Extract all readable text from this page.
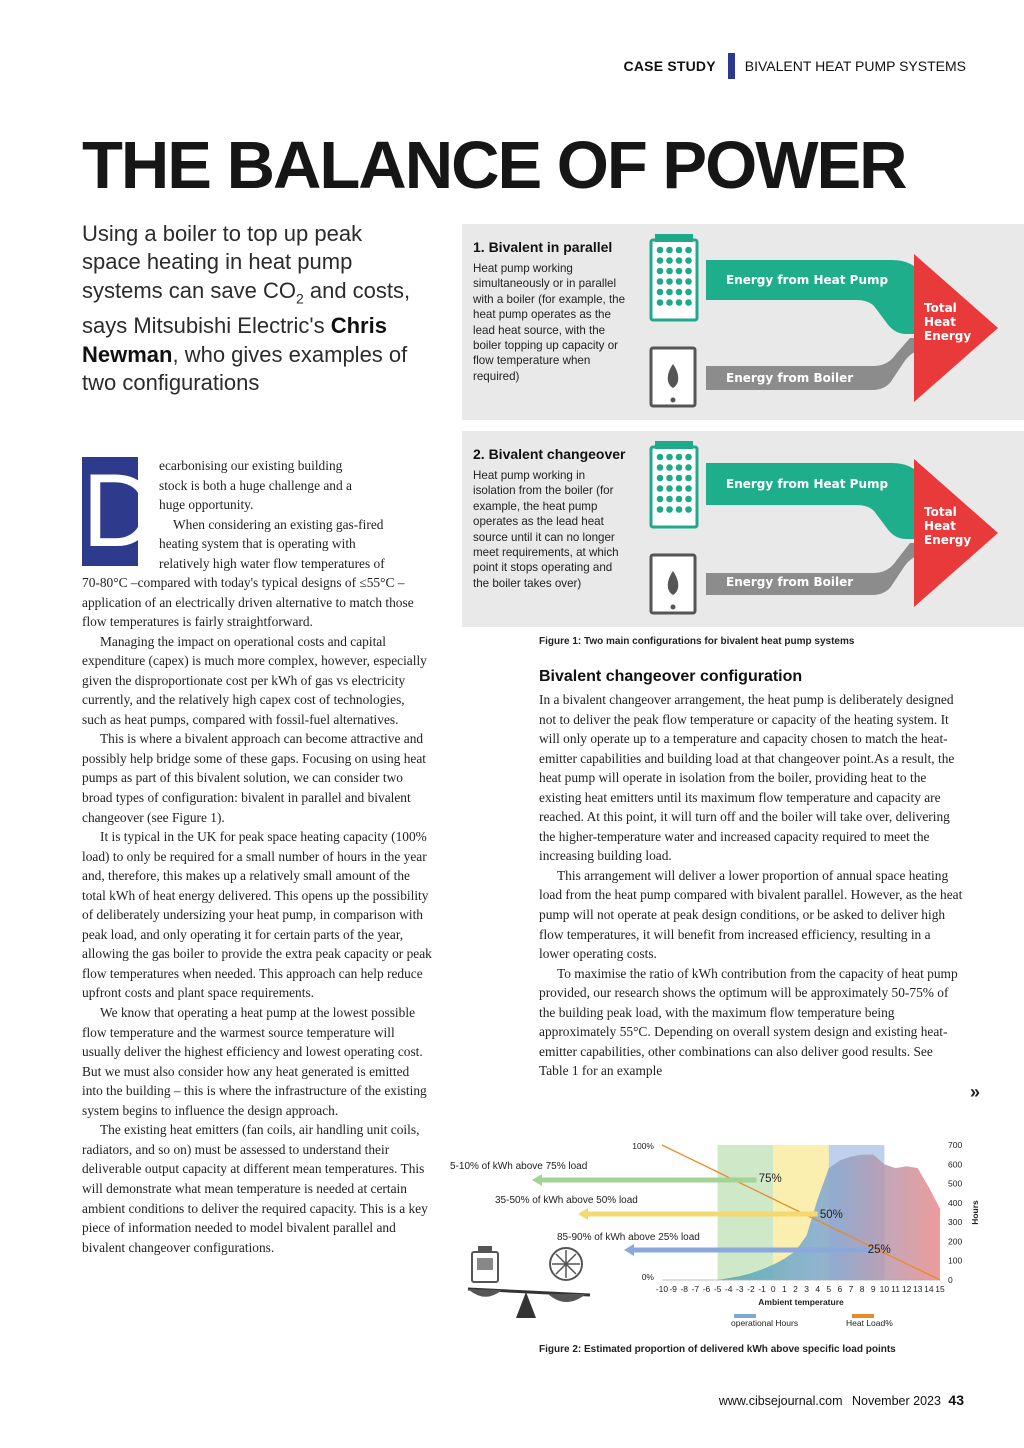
CASE STUDY BIVALENT HEAT PUMP SYSTEMS
THE BALANCE OF POWER
Using a boiler to top up peak space heating in heat pump systems can save $CO_2$ and costs, says Mitsubishi Electric's Chris Newman, who gives examples of two configurations
D ecarbonising our existing building
stock is both a huge challenge and a
huge opportunity.
When considering an existing gas-fired
heating system that is operating with
relatively high water flow temperatures of

70-80°C –compared with today's typical designs of ≤55°C – application of an electrically driven alternative to match those flow temperatures is fairly straightforward.

Managing the impact on operational costs and capital expenditure (capex) is much more complex, however, especially given the disproportionate cost per kWh of gas vs electricity currently, and the relatively high capex cost of technologies, such as heat pumps, compared with fossil-fuel alternatives.

This is where a bivalent approach can become attractive and possibly help bridge some of these gaps. Focusing on using heat pumps as part of this bivalent solution, we can consider two broad types of configuration: bivalent in parallel and bivalent changeover (see Figure 1).

It is typical in the UK for peak space heating capacity (100% load) to only be required for a small number of hours in the year and, therefore, this makes up a relatively small amount of the total kWh of heat energy delivered. This opens up the possibility of deliberately undersizing your heat pump, in comparison with peak load, and only operating it for certain parts of the year, allowing the gas boiler to provide the extra peak capacity or peak flow temperatures when needed. This approach can help reduce upfront costs and plant space requirements.

We know that operating a heat pump at the lowest possible flow temperature and the warmest source temperature will usually deliver the highest efficiency and lowest operating cost. But we must also consider how any heat generated is emitted into the building – this is where the infrastructure of the existing system begins to influence the design approach.

The existing heat emitters (fan coils, air handling unit coils, radiators, and so on) must be assessed to understand their deliverable output capacity at different mean temperatures. This will demonstrate what mean temperature is needed at certain ambient conditions to deliver the required capacity. This is a key piece of information needed to model bivalent parallel and bivalent changeover configurations.

1. Bivalent in parallel
Heat pump working simultaneously or in parallel with a boiler (for example, the heat pump operates as the lead heat source, with the boiler topping up capacity or flow temperature when required)
Energy from Heat Pump
Energy from Boiler
Total
Heat
Energy
2. Bivalent changeover
Heat pump working in isolation from the boiler (for example, the heat pump operates as the lead heat source until it can no longer meet requirements, at which point it stops operating and the boiler takes over)
Energy from Heat Pump
Energy from Boiler
Total
Heat
Energy
Figure 1: Two main configurations for bivalent heat pump systems
Bivalent changeover configuration

In a bivalent changeover arrangement, the heat pump is deliberately designed not to deliver the peak flow temperature or capacity of the heating system. It will only operate up to a temperature and capacity chosen to match the heat-emitter capabilities and building load at that changeover point.As a result, the heat pump will operate in isolation from the boiler, providing heat to the existing heat emitters until its maximum flow temperature and capacity are reached. At this point, it will turn off and the boiler will take over, delivering the higher-temperature water and increased capacity required to meet the increasing building load.

This arrangement will deliver a lower proportion of annual space heating load from the heat pump compared with bivalent parallel. However, as the heat pump will not operate at peak design conditions, or be asked to deliver high flow temperatures, it will benefit from increased efficiency, resulting in a lower operating costs.

To maximise the ratio of kWh contribution from the capacity of heat pump provided, our research shows the optimum will be approximately 50-75% of the building peak load, with the maximum flow temperature being approximately 55°C. Depending on overall system design and existing heat-emitter capabilities, other combinations can also deliver good results. See Table 1 for an example

»
5-10% of kWh above 75% load
35-50% of kWh above 50% load
85-90% of kWh above 25% load
-10 -9 -8 -7 -6 -5 -4 -3 -2 -1 0 1 2 3 4 5 6 7 8 9 10 11 12 13 14 15
Ambient temperature
100%
0%
700
600
500
400
300
200
100
0
Hours
75%
50%
25%
operational Hours	Heat Load%
Figure 2: Estimated proportion of delivered kWh above specific load points
www.cibsejournal.com November 2023 43
